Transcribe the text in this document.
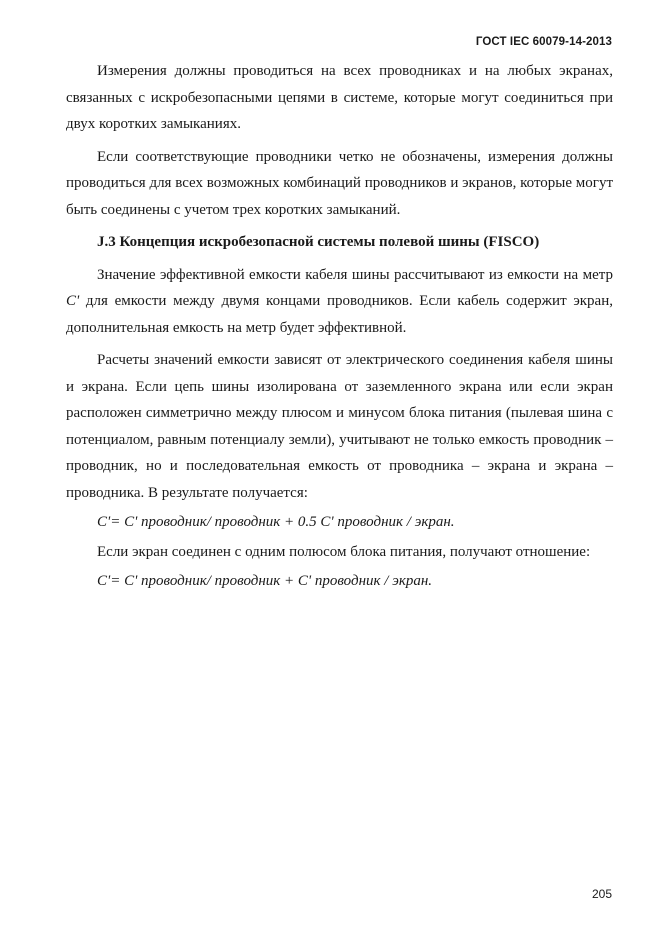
ГОСТ IEC 60079-14-2013

Измерения должны проводиться на всех проводниках и на любых экранах, связанных с искробезопасными цепями в системе, которые могут соединиться при двух коротких замыканиях.

Если соответствующие проводники четко не обозначены, измерения должны проводиться для всех возможных комбинаций проводников и экранов, которые могут быть соединены с учетом трех коротких замыканий.

J.3 Концепция искробезопасной системы полевой шины (FISCO)

Значение эффективной емкости кабеля шины рассчитывают из емкости на метр C' для емкости между двумя концами проводников. Если кабель содержит экран, дополнительная емкость на метр будет эффективной.

Расчеты значений емкости зависят от электрического соединения кабеля шины и экрана. Если цепь шины изолирована от заземленного экрана или если экран расположен симметрично между плюсом и минусом блока питания (пылевая шина с потенциалом, равным потенциалу земли), учитывают не только емкость проводник – проводник, но и последовательная емкость от проводника – экрана и экрана – проводника. В результате получается:

C'= C' проводник/ проводник + 0.5 C' проводник / экран.

Если экран соединен с одним полюсом блока питания, получают отношение:

C'= C' проводник/ проводник + C' проводник / экран.

205
